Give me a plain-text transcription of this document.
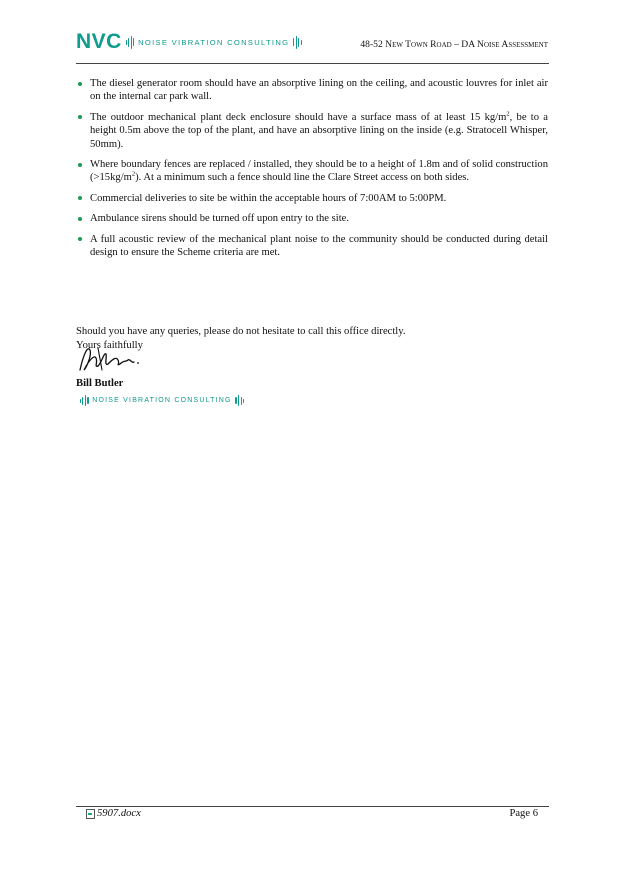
NVC NOISE VIBRATION CONSULTING	48-52 New Town Road – DA Noise Assessment
The diesel generator room should have an absorptive lining on the ceiling, and acoustic louvres for inlet air on the internal car park wall.
The outdoor mechanical plant deck enclosure should have a surface mass of at least 15 $kg/m^2$, be to a height 0.5m above the top of the plant, and have an absorptive lining on the inside (e.g. Stratocell Whisper, 50mm).
Where boundary fences are replaced / installed, they should be to a height of 1.8m and of solid construction $(>15kg/m^2)$. At a minimum such a fence should line the Clare Street access on both sides.
Commercial deliveries to site be within the acceptable hours of 7:00AM to 5:00PM.
Ambulance sirens should be turned off upon entry to the site.
A full acoustic review of the mechanical plant noise to the community should be conducted during detail design to ensure the Scheme criteria are met.
Should you have any queries, please do not hesitate to call this office directly.
Yours faithfully
Bill Butler
NOISE VIBRATION CONSULTING
5907.docx	Page 6
